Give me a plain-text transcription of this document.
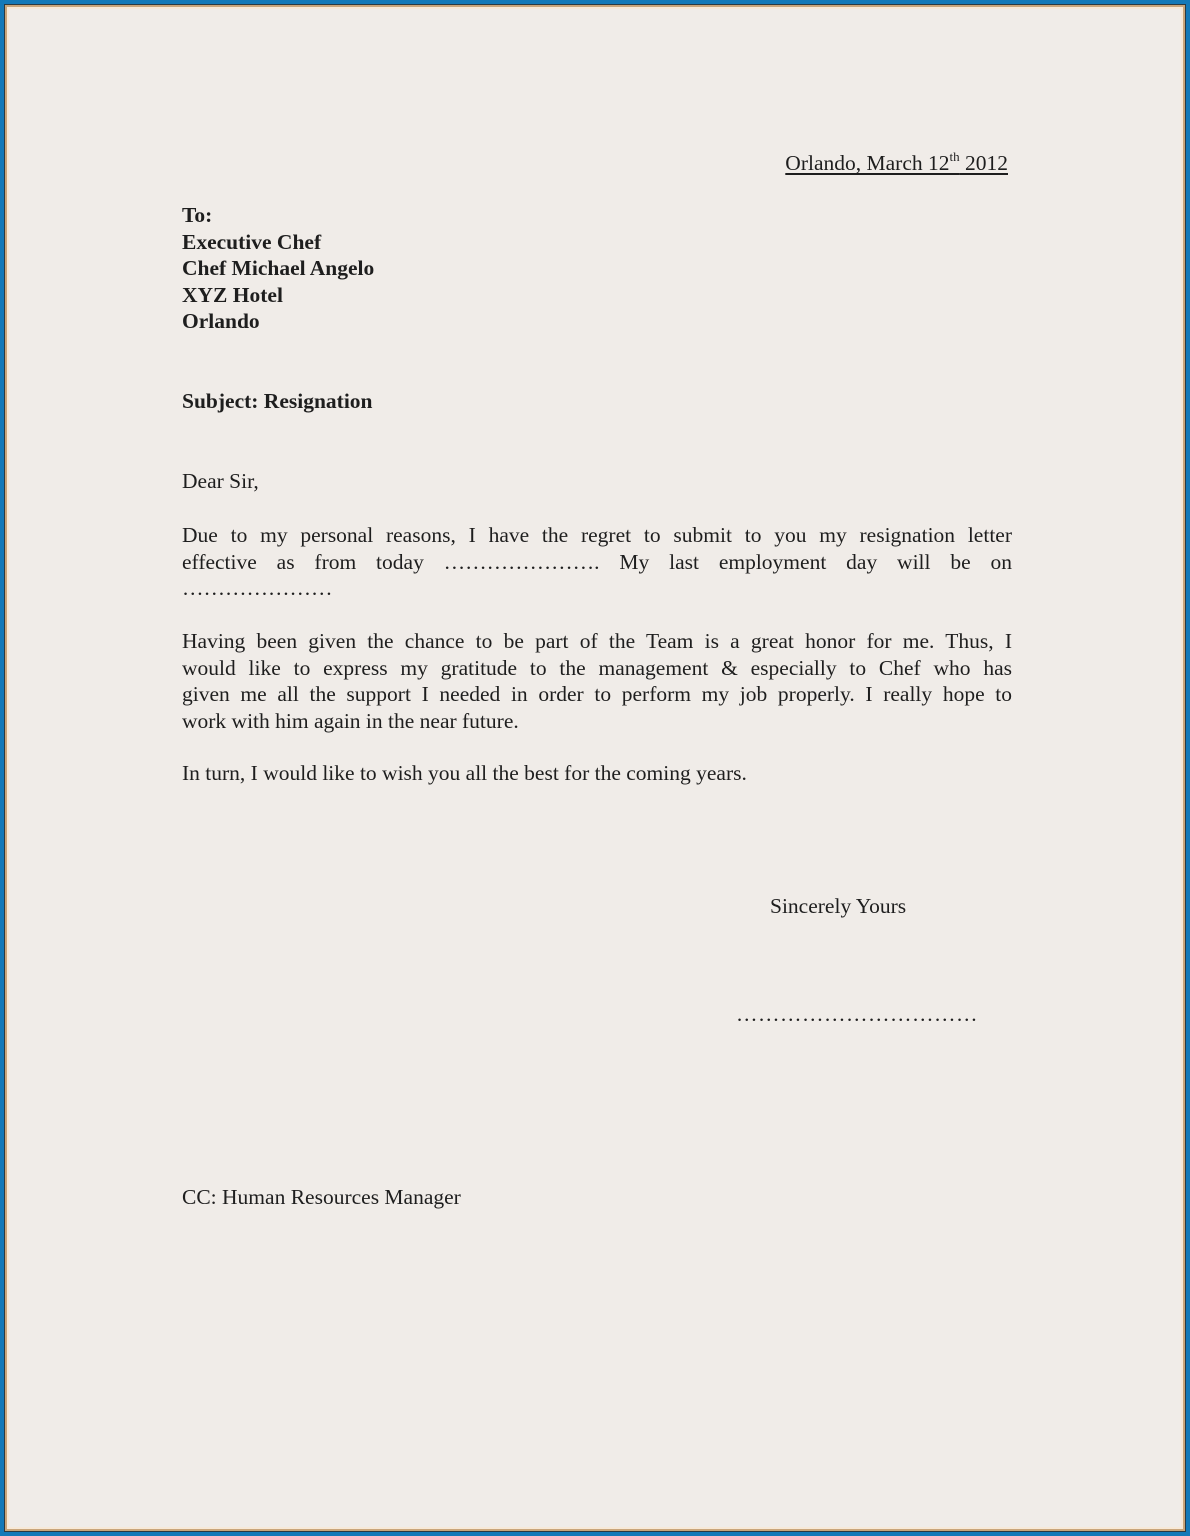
Orlando, March 12th 2012
To:
Executive Chef
Chef Michael Angelo
XYZ Hotel
Orlando
Subject: Resignation
Dear Sir,
Due to my personal reasons, I have the regret to submit to you my resignation letter
effective as from today …………………. My last employment day will be on
…………………
Having been given the chance to be part of the Team is a great honor for me. Thus, I
would like to express my gratitude to the management & especially to Chef who has
given me all the support I needed in order to perform my job properly. I really hope to
work with him again in the near future.
In turn, I would like to wish you all the best for the coming years.
Sincerely Yours
……………………………
CC: Human Resources Manager
